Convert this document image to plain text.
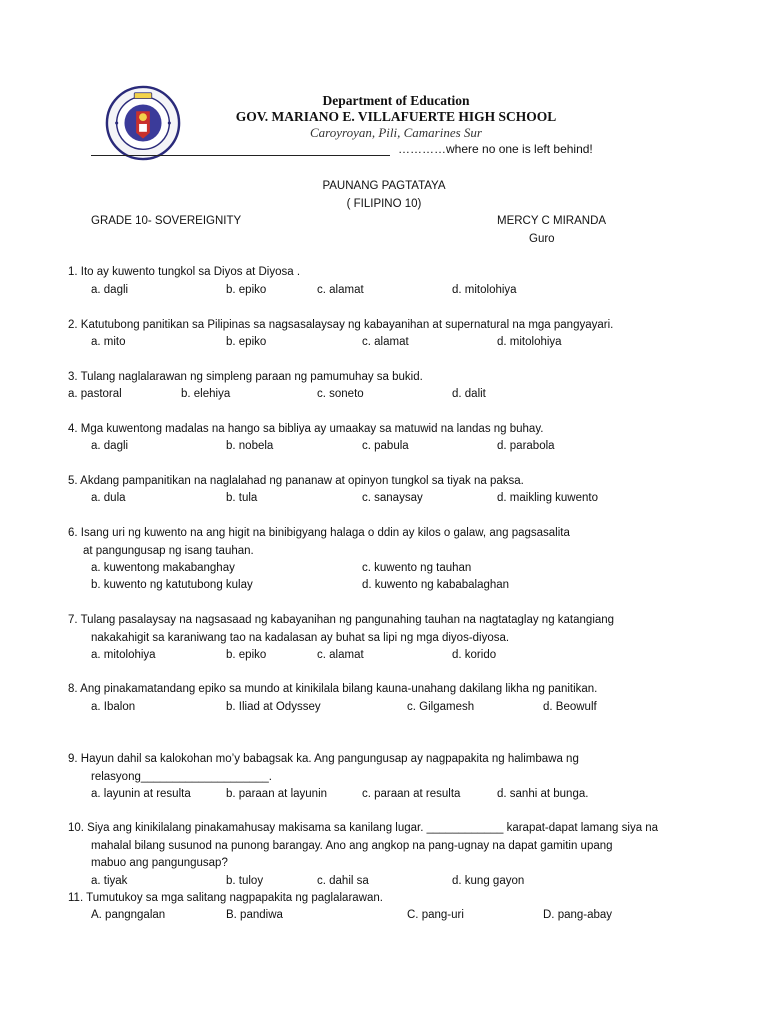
Department of Education
GOV. MARIANO E. VILLAFUERTE HIGH SCHOOL
Caroyroyan, Pili, Camarines Sur
…………where no one is left behind!
PAUNANG PAGTATAYA
( FILIPINO 10)
GRADE 10- SOVEREIGNITY	MERCY C MIRANDA
Guro
1. Ito ay kuwento tungkol sa Diyos at Diyosa .
a. dagli	b. epiko	c. alamat	d. mitolohiya
2. Katutubong panitikan sa Pilipinas sa nagsasalaysay ng kabayanihan at supernatural na mga pangyayari.
a. mito	b. epiko	c. alamat	d. mitolohiya
3. Tulang naglalarawan ng simpleng paraan ng pamumuhay sa bukid.
a. pastoral	b. elehiya	c. soneto	d. dalit
4. Mga kuwentong madalas na hango sa bibliya ay umaakay sa matuwid na landas ng buhay.
a. dagli	b. nobela	c. pabula	d. parabola
5. Akdang pampanitikan na naglalahad ng pananaw at opinyon tungkol sa tiyak na paksa.
a. dula	b. tula	c. sanaysay	d. maikling kuwento
6. Isang uri ng kuwento na ang higit na binibigyang halaga o ddin ay kilos o galaw, ang pagsasalita
at pangungusap ng isang tauhan.
a. kuwentong makabanghay	c. kuwento ng tauhan
b. kuwento ng katutubong kulay	d. kuwento ng kababalaghan
7. Tulang pasalaysay na nagsasaad ng kabayanihan ng pangunahing tauhan na nagtataglay ng katangiang
nakakahigit sa karaniwang tao na kadalasan ay buhat sa lipi ng mga diyos-diyosa.
a. mitolohiya	b. epiko	c. alamat	d. korido
8. Ang pinakamatandang epiko sa mundo at kinikilala bilang kauna-unahang dakilang likha ng panitikan.
a. Ibalon	b. Iliad at Odyssey	c. Gilgamesh	d. Beowulf
9. Hayun dahil sa kalokohan mo’y babagsak ka. Ang pangungusap ay nagpapakita ng halimbawa ng
relasyong____________________.
a. layunin at resulta	b. paraan at layunin	c. paraan at resulta	d. sanhi at bunga.
10. Siya ang kinikilalang pinakamahusay makisama sa kanilang lugar. ____________ karapat-dapat lamang siya na
mahalal bilang susunod na punong barangay. Ano ang angkop na pang-ugnay na dapat gamitin upang
mabuo ang pangungusap?
a. tiyak	b. tuloy	c. dahil sa	d. kung gayon
11. Tumutukoy sa mga salitang nagpapakita ng paglalarawan.
A. pangngalan	B. pandiwa	C. pang-uri	D. pang-abay
